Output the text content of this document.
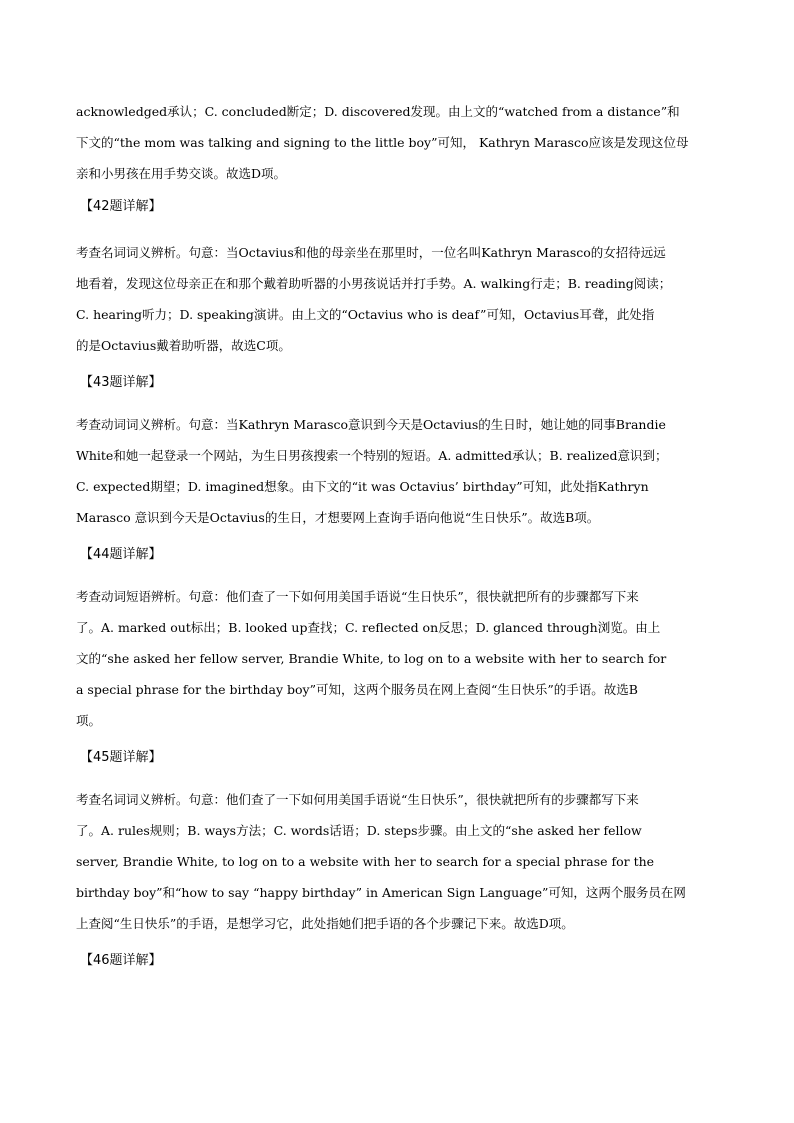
acknowledged承认；C. concluded断定；D. discovered发现。由上文的“watched from a distance”和
下文的“the mom was talking and signing to the little boy”可知， Kathryn Marasco应该是发现这位母
亲和小男孩在用手势交谈。故选D项。
【42题详解】
考查名词词义辨析。句意：当Octavius和他的母亲坐在那里时，一位名叫Kathryn Marasco的女招待远远
地看着，发现这位母亲正在和那个戴着助听器的小男孩说话并打手势。A. walking行走；B. reading阅读；
C. hearing听力；D. speaking演讲。由上文的“Octavius who is deaf”可知，Octavius耳聋，此处指
的是Octavius戴着助听器，故选C项。
【43题详解】
考查动词词义辨析。句意：当Kathryn Marasco意识到今天是Octavius的生日时，她让她的同事Brandie
White和她一起登录一个网站，为生日男孩搜索一个特别的短语。A. admitted承认；B. realized意识到；
C. expected期望；D. imagined想象。由下文的“it was Octavius’ birthday”可知，此处指Kathryn
Marasco 意识到今天是Octavius的生日，才想要网上查询手语向他说“生日快乐”。故选B项。
【44题详解】
考查动词短语辨析。句意：他们查了一下如何用美国手语说“生日快乐”，很快就把所有的步骤都写下来
了。A. marked out标出；B. looked up查找；C. reflected on反思；D. glanced through浏览。由上
文的“she asked her fellow server, Brandie White, to log on to a website with her to search for
a special phrase for the birthday boy”可知，这两个服务员在网上查阅“生日快乐”的手语。故选B
项。
【45题详解】
考查名词词义辨析。句意：他们查了一下如何用美国手语说“生日快乐”，很快就把所有的步骤都写下来
了。A. rules规则；B. ways方法；C. words话语；D. steps步骤。由上文的“she asked her fellow
server, Brandie White, to log on to a website with her to search for a special phrase for the
birthday boy”和“how to say “happy birthday” in American Sign Language”可知，这两个服务员在网
上查阅“生日快乐”的手语，是想学习它，此处指她们把手语的各个步骤记下来。故选D项。
【46题详解】
